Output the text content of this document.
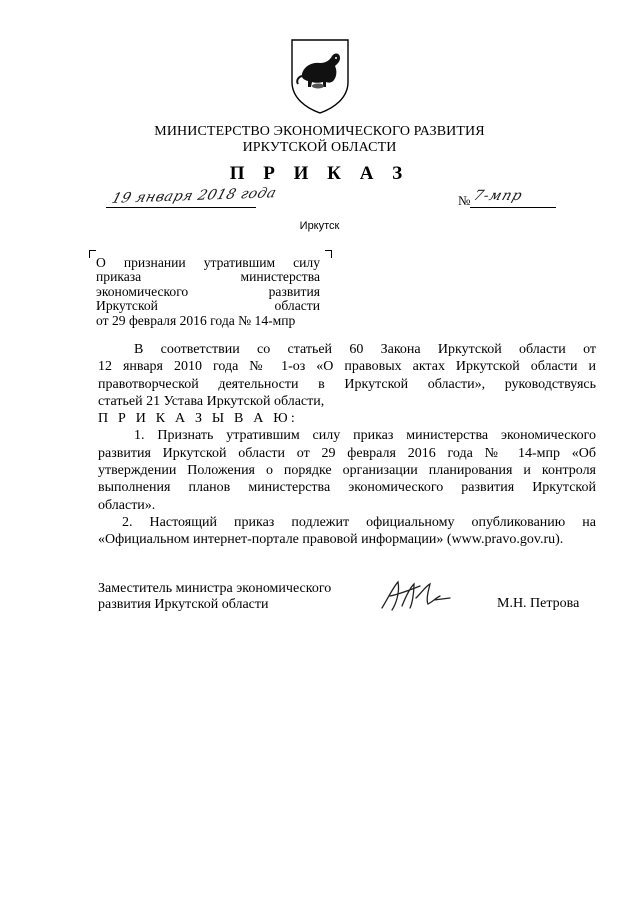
МИНИСТЕРСТВО ЭКОНОМИЧЕСКОГО РАЗВИТИЯ
ИРКУТСКОЙ ОБЛАСТИ
П Р И К А З
19 января 2018 года	№ 7-мпр
Иркутск
О признании утратившим силу
приказа министерства
экономического развития
Иркутской области
от 29 февраля 2016 года № 14-мпр
В соответствии со статьей 60 Закона Иркутской области от
12 января 2010 года № 1-оз «О правовых актах Иркутской области и
правотворческой деятельности в Иркутской области», руководствуясь
статьей 21 Устава Иркутской области,
П Р И К А З Ы В А Ю:
1. Признать утратившим силу приказ министерства экономического
развития Иркутской области от 29 февраля 2016 года № 14-мпр «Об
утверждении Положения о порядке организации планирования и контроля
выполнения планов министерства экономического развития Иркутской
области».
2. Настоящий приказ подлежит официальному опубликованию на
«Официальном интернет-портале правовой информации» (www.pravo.gov.ru).
Заместитель министра экономического
развития Иркутской области	М.Н. Петрова
